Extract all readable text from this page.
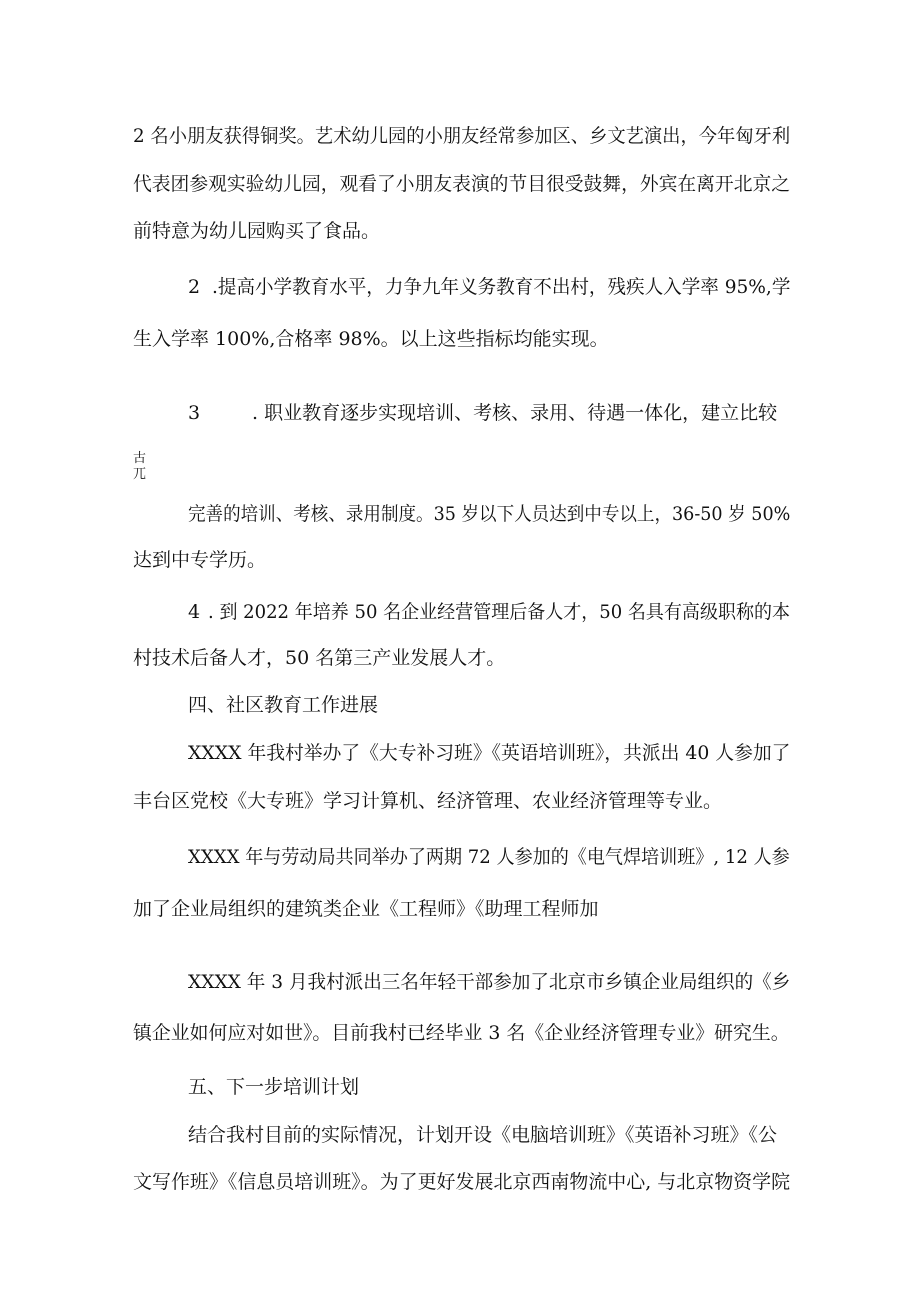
2 名小朋友获得铜奖。艺术幼儿园的小朋友经常参加区、乡文艺演出，今年匈牙利
代表团参观实验幼儿园，观看了小朋友表演的节目很受鼓舞，外宾在离开北京之
前特意为幼儿园购买了食品。
2 .提高小学教育水平，力争九年义务教育不出村，残疾人入学率 95%,学
生入学率 100%,合格率 98%。以上这些指标均能实现。
3	. 职业教育逐步实现培训、考核、录用、待遇一体化，建立比较
古
兀
完善的培训、考核、录用制度。35 岁以下人员达到中专以上，36-50 岁 50%
达到中专学历。
4 . 到 2022 年培养 50 名企业经营管理后备人才，50 名具有高级职称的本
村技术后备人才，50 名第三产业发展人才。
四、社区教育工作进展
XXXX 年我村举办了《大专补习班》《英语培训班》，共派出 40 人参加了
丰台区党校《大专班》学习计算机、经济管理、农业经济管理等专业。
XXXX 年与劳动局共同举办了两期 72 人参加的《电气焊培训班》, 12 人参
加了企业局组织的建筑类企业《工程师》《助理工程师加
XXXX 年 3 月我村派出三名年轻干部参加了北京市乡镇企业局组织的《乡
镇企业如何应对如世》。目前我村已经毕业 3 名《企业经济管理专业》研究生。
五、下一步培训计划
结合我村目前的实际情况，计划开设《电脑培训班》《英语补习班》《公
文写作班》《信息员培训班》。为了更好发展北京西南物流中心, 与北京物资学院
